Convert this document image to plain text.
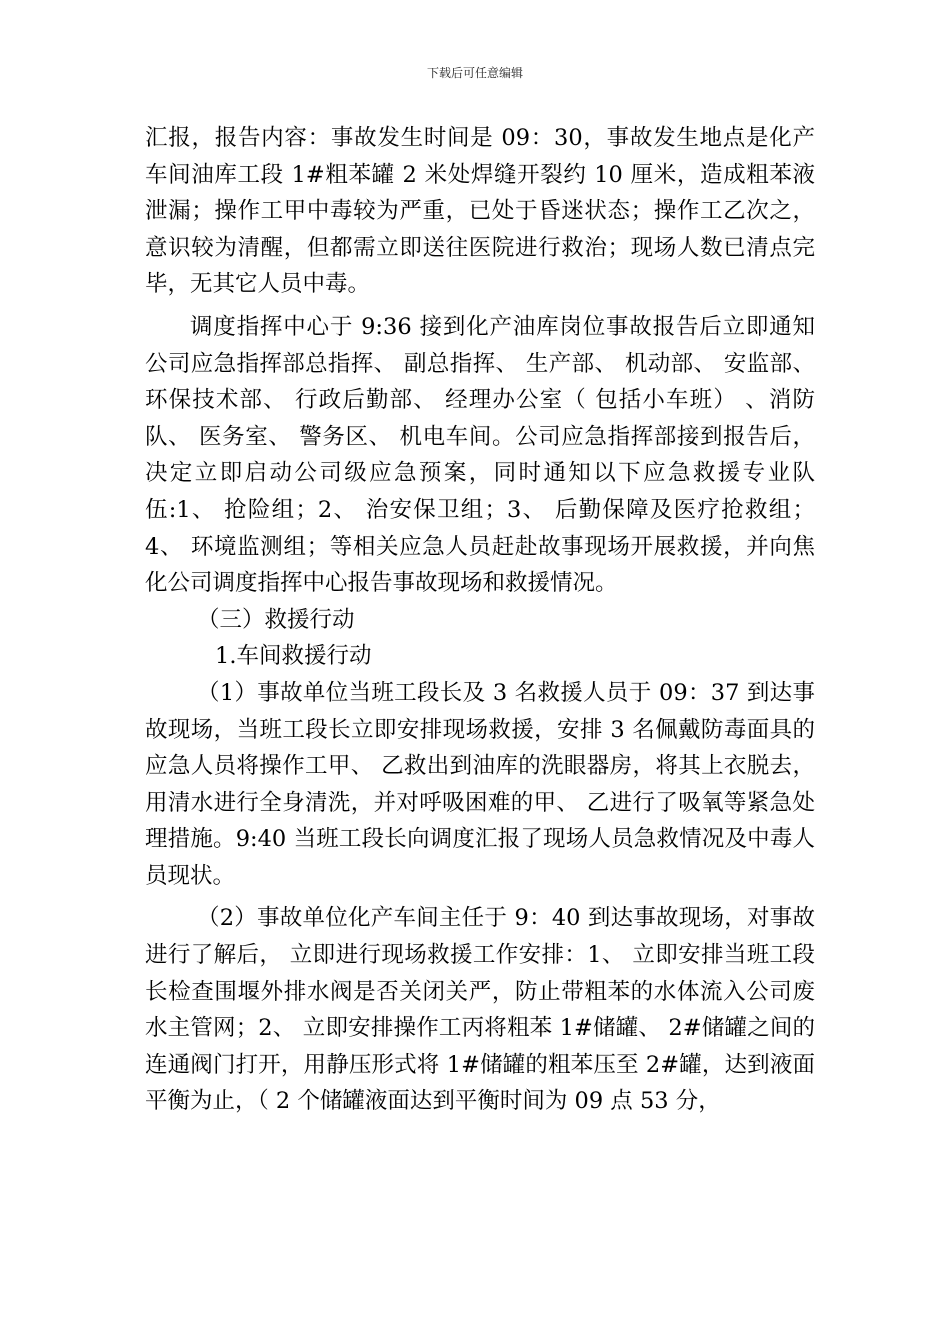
下载后可任意编辑

汇报，报告内容：事故发生时间是 09：30，事故发生地点是化产车间油库工段 1#粗苯罐 2 米处焊缝开裂约 10 厘米，造成粗苯液泄漏；操作工甲中毒较为严重，已处于昏迷状态；操作工乙次之，意识较为清醒，但都需立即送往医院进行救治；现场人数已清点完毕，无其它人员中毒。

调度指挥中心于 9:36 接到化产油库岗位事故报告后立即通知公司应急指挥部总指挥、 副总指挥、 生产部、 机动部、 安监部、 环保技术部、 行政后勤部、 经理办公室（ 包括小车班） 、消防队、 医务室、 警务区、 机电车间。公司应急指挥部接到报告后，决定立即启动公司级应急预案，同时通知以下应急救援专业队伍:1、 抢险组；2、 治安保卫组；3、 后勤保障及医疗抢救组；4、 环境监测组；等相关应急人员赶赴故事现场开展救援，并向焦化公司调度指挥中心报告事故现场和救援情况。

（三）救援行动

1.车间救援行动

（1）事故单位当班工段长及 3 名救援人员于 09：37 到达事故现场，当班工段长立即安排现场救援，安排 3 名佩戴防毒面具的应急人员将操作工甲、 乙救出到油库的洗眼器房，将其上衣脱去，用清水进行全身清洗，并对呼吸困难的甲、 乙进行了吸氧等紧急处理措施。9:40 当班工段长向调度汇报了现场人员急救情况及中毒人员现状。

（2）事故单位化产车间主任于 9：40 到达事故现场，对事故进行了解后， 立即进行现场救援工作安排：1、 立即安排当班工段长检查围堰外排水阀是否关闭关严，防止带粗苯的水体流入公司废水主管网；2、 立即安排操作工丙将粗苯 1#储罐、 2#储罐之间的连通阀门打开，用静压形式将 1#储罐的粗苯压至 2#罐，达到液面平衡为止，（ 2 个储罐液面达到平衡时间为 09 点 53 分，
